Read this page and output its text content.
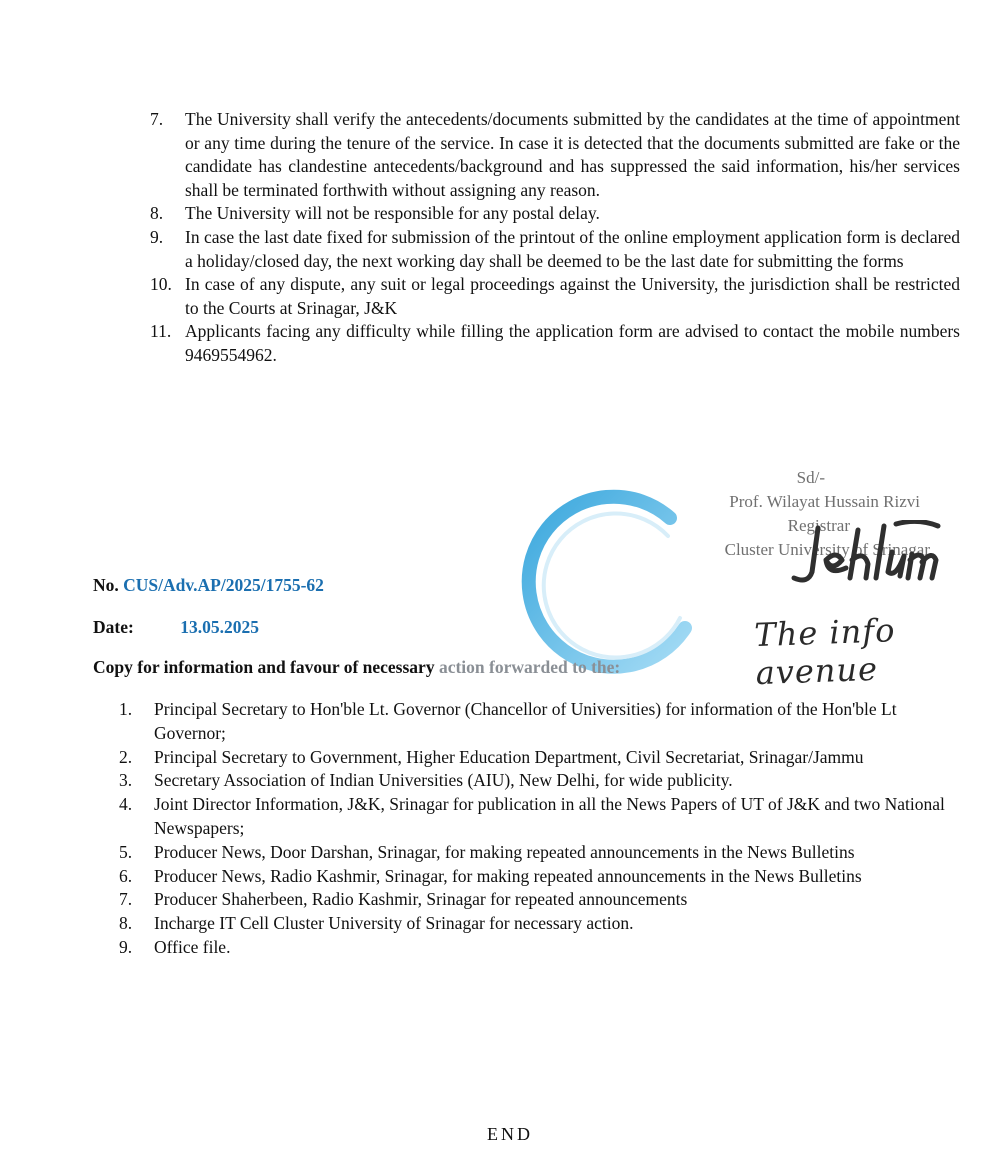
7.	The University shall verify the antecedents/documents submitted by the candidates at the time of appointment or any time during the tenure of the service. In case it is detected that the documents submitted are fake or the candidate has clandestine antecedents/background and has suppressed the said information, his/her services shall be terminated forthwith without assigning any reason.
8.	The University will not be responsible for any postal delay.
9.	In case the last date fixed for submission of the printout of the online employment application form is declared a holiday/closed day, the next working day shall be deemed to be the last date for submitting the forms
10. In case of any dispute, any suit or legal proceedings against the University, the jurisdiction shall be restricted to the Courts at Srinagar, J&K
11. Applicants facing any difficulty while filling the application form are advised to contact the mobile numbers 9469554962.
Sd/-
Prof. Wilayat Hussain Rizvi
Registrar
Cluster University of Srinagar
The info avenue
No. CUS/Adv.AP/2025/1755-62
Date:	13.05.2025
Copy for information and favour of necessary action forwarded to the:
1.	Principal Secretary to Hon'ble Lt. Governor (Chancellor of Universities) for information of the Hon'ble Lt Governor;
2.	Principal Secretary to Government, Higher Education Department, Civil Secretariat, Srinagar/Jammu
3.	Secretary Association of Indian Universities (AIU), New Delhi, for wide publicity.
4.	Joint Director Information, J&K, Srinagar for publication in all the News Papers of UT of J&K and two National Newspapers;
5.	Producer News, Door Darshan, Srinagar, for making repeated announcements in the News Bulletins
6.	Producer News, Radio Kashmir, Srinagar, for making repeated announcements in the News Bulletins
7.	Producer Shaherbeen, Radio Kashmir, Srinagar for repeated announcements
8.	Incharge IT Cell Cluster University of Srinagar for necessary action.
9.	Office file.
END
